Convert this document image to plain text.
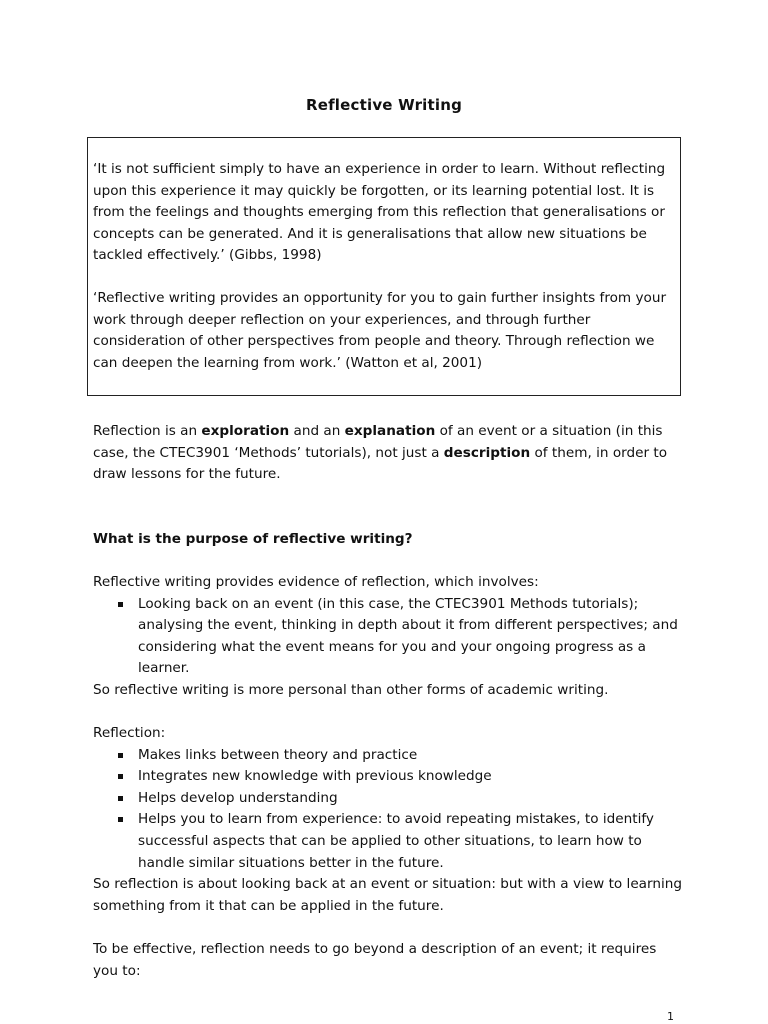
Reflective Writing

‘It is not sufficient simply to have an experience in order to learn. Without reflecting upon this experience it may quickly be forgotten, or its learning potential lost. It is from the feelings and thoughts emerging from this reflection that generalisations or concepts can be generated. And it is generalisations that allow new situations be tackled effectively.’ (Gibbs, 1998)

‘Reflective writing provides an opportunity for you to gain further insights from your work through deeper reflection on your experiences, and through further consideration of other perspectives from people and theory. Through reflection we can deepen the learning from work.’ (Watton et al, 2001)

Reflection is an exploration and an explanation of an event or a situation (in this case, the CTEC3901 ‘Methods’ tutorials), not just a description of them, in order to draw lessons for the future.

What is the purpose of reflective writing?

Reflective writing provides evidence of reflection, which involves:

Looking back on an event (in this case, the CTEC3901 Methods tutorials); analysing the event, thinking in depth about it from different perspectives; and considering what the event means for you and your ongoing progress as a learner.

So reflective writing is more personal than other forms of academic writing.

Reflection:

Makes links between theory and practice
Integrates new knowledge with previous knowledge
Helps develop understanding
Helps you to learn from experience: to avoid repeating mistakes, to identify successful aspects that can be applied to other situations, to learn how to handle similar situations better in the future.

So reflection is about looking back at an event or situation: but with a view to learning something from it that can be applied in the future.

To be effective, reflection needs to go beyond a description of an event; it requires you to:
1
